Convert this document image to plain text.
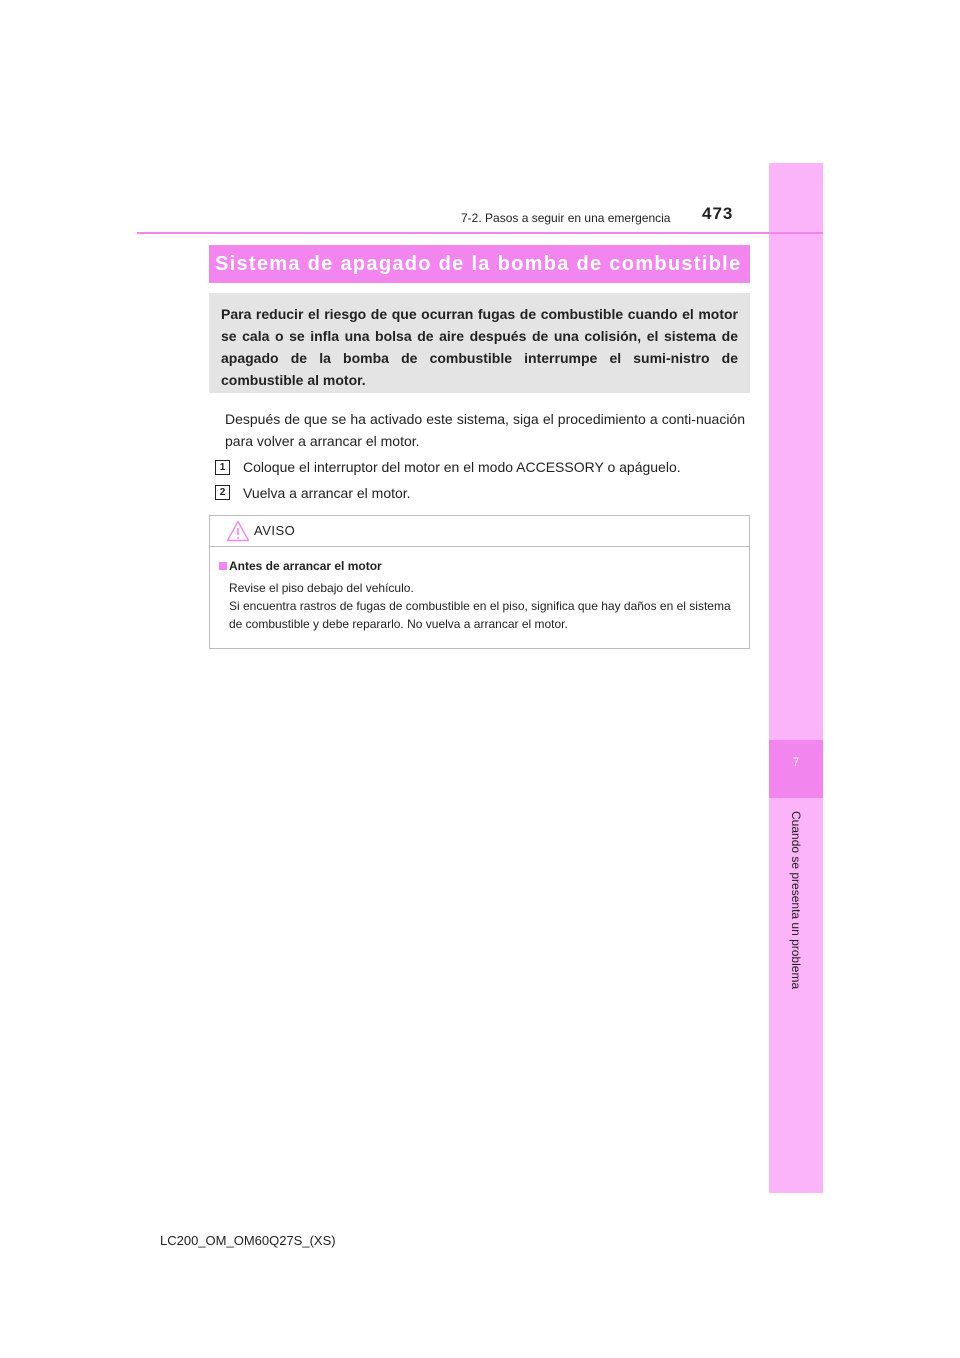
7
Cuando se presenta un problema
7-2. Pasos a seguir en una emergencia 473
Sistema de apagado de la bomba de combustible
Para reducir el riesgo de que ocurran fugas de combustible cuando el motor se cala o se infla una bolsa de aire después de una colisión, el sistema de apagado de la bomba de combustible interrumpe el sumi-nistro de combustible al motor.
Después de que se ha activado este sistema, siga el procedimiento a conti-nuación para volver a arrancar el motor.
1	Coloque el interruptor del motor en el modo ACCESSORY o apáguelo.
2	Vuelva a arrancar el motor.
AVISO
Antes de arrancar el motor
Revise el piso debajo del vehículo.
Si encuentra rastros de fugas de combustible en el piso, significa que hay daños en el sistema de combustible y debe repararlo. No vuelva a arrancar el motor.
LC200_OM_OM60Q27S_(XS)
